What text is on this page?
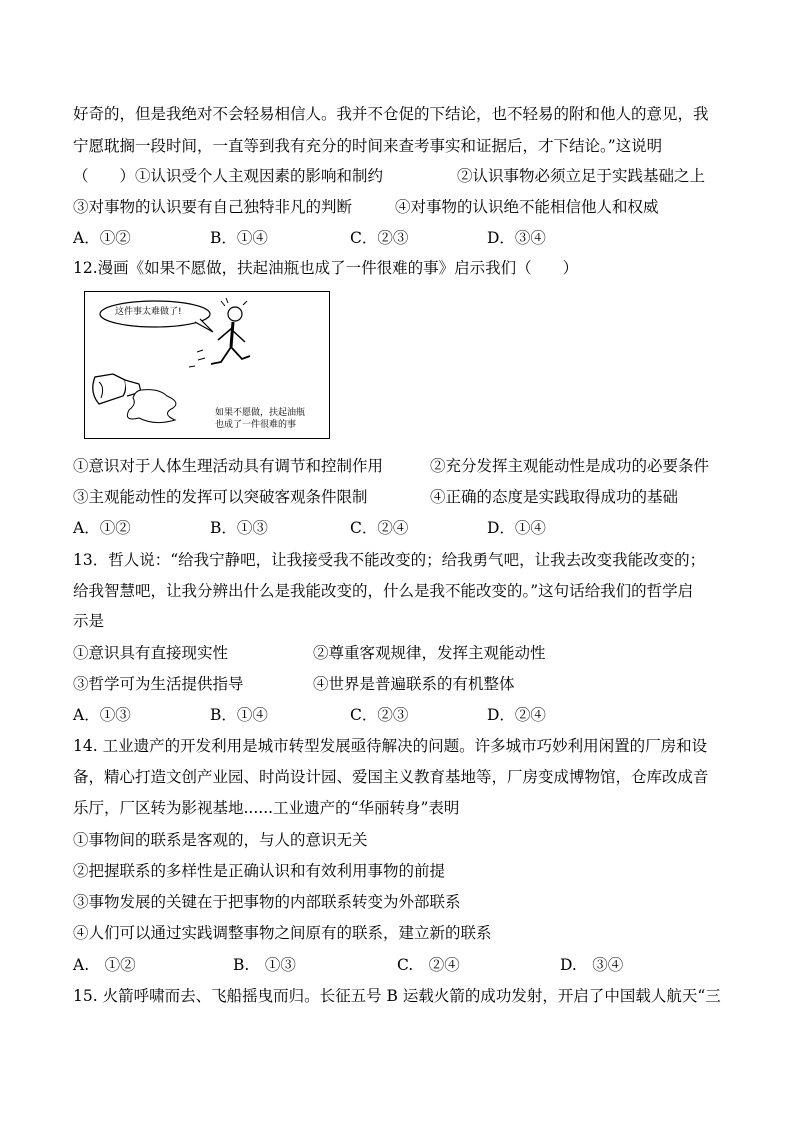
好奇的，但是我绝对不会轻易相信人。我并不仓促的下结论，也不轻易的附和他人的意见，我
宁愿耽搁一段时间，一直等到我有充分的时间来查考事实和证据后，才下结论。”这说明
（　　） ①认识受个人主观因素的影响和制约	②认识事物必须立足于实践基础之上
③对事物的认识要有自己独特非凡的判断	④对事物的认识绝不能相信他人和权威
A．①②	B．①④	C．②③	D．③④
12.漫画《如果不愿做，扶起油瓶也成了一件很难的事》启示我们（　　）
这件事太难做了!
如果不愿做，扶起油瓶
也成了一件很难的事
①意识对于人体生理活动具有调节和控制作用	②充分发挥主观能动性是成功的必要条件
③主观能动性的发挥可以突破客观条件限制	④正确的态度是实践取得成功的基础
A．①②	B．①③	C．②④	D．①④
13．哲人说：“给我宁静吧，让我接受我不能改变的；给我勇气吧，让我去改变我能改变的；
给我智慧吧，让我分辨出什么是我能改变的，什么是我不能改变的。”这句话给我们的哲学启
示是
①意识具有直接现实性	②尊重客观规律，发挥主观能动性
③哲学可为生活提供指导	④世界是普遍联系的有机整体
A．①③	B．①④	C．②③	D．②④
14. 工业遗产的开发利用是城市转型发展亟待解决的问题。许多城市巧妙利用闲置的厂房和设
备，精心打造文创产业园、时尚设计园、爱国主义教育基地等，厂房变成博物馆，仓库改成音
乐厅，厂区转为影视基地......工业遗产的“华丽转身”表明
①事物间的联系是客观的，与人的意识无关
②把握联系的多样性是正确认识和有效利用事物的前提
③事物发展的关键在于把事物的内部联系转变为外部联系
④人们可以通过实践调整事物之间原有的联系，建立新的联系
A.　①②	B.　①③	C.　②④	D.　③④
15. 火箭呼啸而去、飞船摇曳而归。长征五号 B 运载火箭的成功发射，开启了中国载人航天“三
